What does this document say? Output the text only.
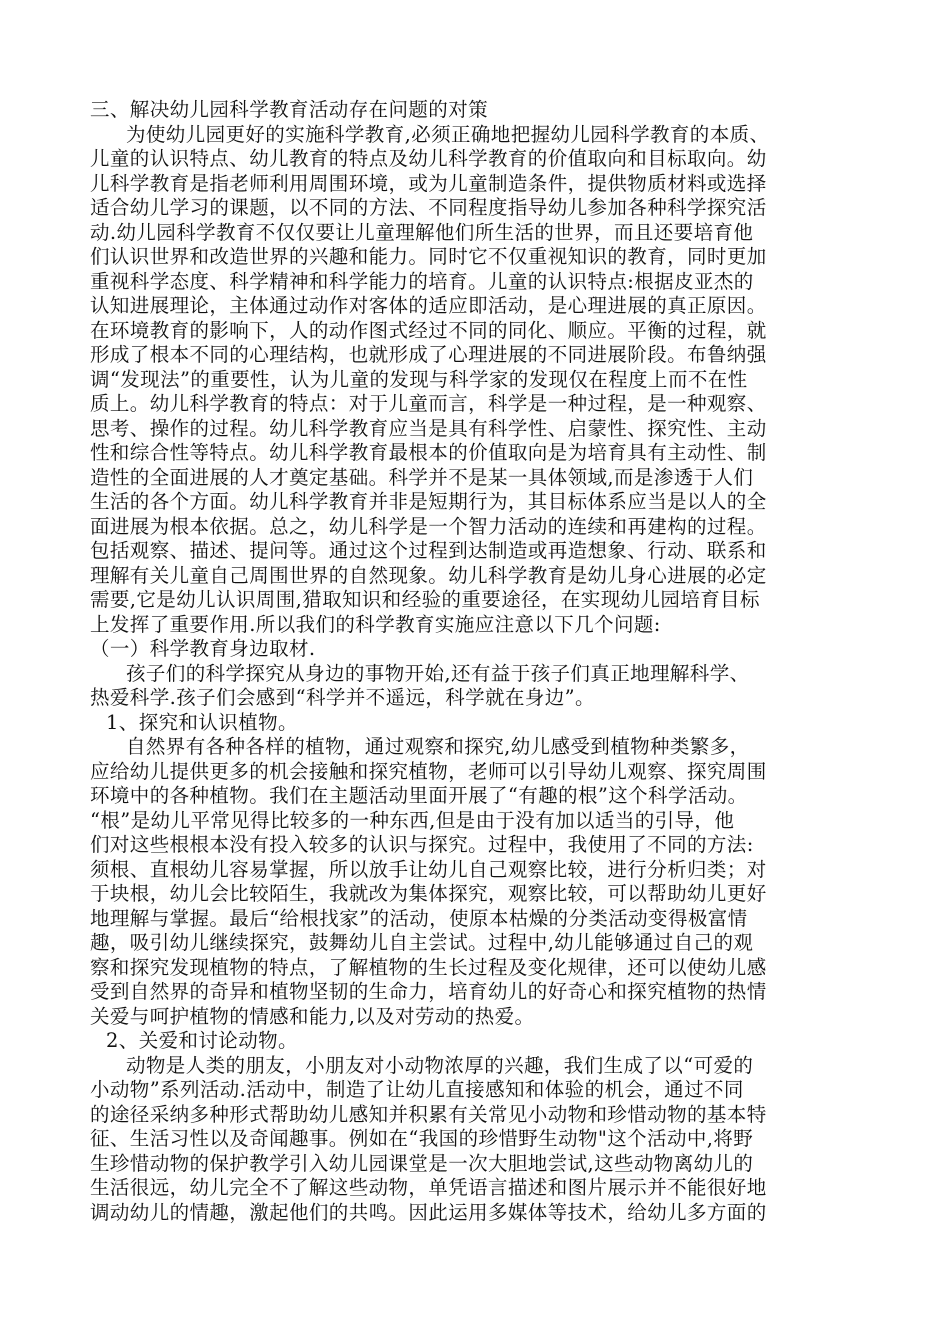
三、解决幼儿园科学教育活动存在问题的对策
为使幼儿园更好的实施科学教育,必须正确地把握幼儿园科学教育的本质、
儿童的认识特点、幼儿教育的特点及幼儿科学教育的价值取向和目标取向。幼
儿科学教育是指老师利用周围环境，或为儿童制造条件，提供物质材料或选择
适合幼儿学习的课题，以不同的方法、不同程度指导幼儿参加各种科学探究活
动.幼儿园科学教育不仅仅要让儿童理解他们所生活的世界，而且还要培育他
们认识世界和改造世界的兴趣和能力。同时它不仅重视知识的教育，同时更加
重视科学态度、科学精神和科学能力的培育。儿童的认识特点:根据皮亚杰的
认知进展理论，主体通过动作对客体的适应即活动，是心理进展的真正原因。
在环境教育的影响下，人的动作图式经过不同的同化、顺应。平衡的过程，就
形成了根本不同的心理结构，也就形成了心理进展的不同进展阶段。布鲁纳强
调“发现法”的重要性，认为儿童的发现与科学家的发现仅在程度上而不在性
质上。幼儿科学教育的特点：对于儿童而言，科学是一种过程，是一种观察、
思考、操作的过程。幼儿科学教育应当是具有科学性、启蒙性、探究性、主动
性和综合性等特点。幼儿科学教育最根本的价值取向是为培育具有主动性、制
造性的全面进展的人才奠定基础。科学并不是某一具体领域,而是渗透于人们
生活的各个方面。幼儿科学教育并非是短期行为，其目标体系应当是以人的全
面进展为根本依据。总之，幼儿科学是一个智力活动的连续和再建构的过程。
包括观察、描述、提问等。通过这个过程到达制造或再造想象、行动、联系和
理解有关儿童自己周围世界的自然现象。幼儿科学教育是幼儿身心进展的必定
需要,它是幼儿认识周围,猎取知识和经验的重要途径，在实现幼儿园培育目标
上发挥了重要作用.所以我们的科学教育实施应注意以下几个问题:
（一）科学教育身边取材.
孩子们的科学探究从身边的事物开始,还有益于孩子们真正地理解科学、
热爱科学.孩子们会感到“科学并不遥远，科学就在身边”。
1、探究和认识植物。
自然界有各种各样的植物，通过观察和探究,幼儿感受到植物种类繁多，
应给幼儿提供更多的机会接触和探究植物，老师可以引导幼儿观察、探究周围
环境中的各种植物。我们在主题活动里面开展了“有趣的根”这个科学活动。
“根”是幼儿平常见得比较多的一种东西,但是由于没有加以适当的引导，他
们对这些根根本没有投入较多的认识与探究。过程中，我使用了不同的方法:
须根、直根幼儿容易掌握，所以放手让幼儿自己观察比较，进行分析归类；对
于块根，幼儿会比较陌生，我就改为集体探究，观察比较，可以帮助幼儿更好
地理解与掌握。最后“给根找家”的活动，使原本枯燥的分类活动变得极富情
趣，吸引幼儿继续探究，鼓舞幼儿自主尝试。过程中,幼儿能够通过自己的观
察和探究发现植物的特点，了解植物的生长过程及变化规律，还可以使幼儿感
受到自然界的奇异和植物坚韧的生命力，培育幼儿的好奇心和探究植物的热情
关爱与呵护植物的情感和能力,以及对劳动的热爱。
2、关爱和讨论动物。
动物是人类的朋友，小朋友对小动物浓厚的兴趣，我们生成了以“可爱的
小动物”系列活动.活动中，制造了让幼儿直接感知和体验的机会，通过不同
的途径采纳多种形式帮助幼儿感知并积累有关常见小动物和珍惜动物的基本特
征、生活习性以及奇闻趣事。例如在“我国的珍惜野生动物"这个活动中,将野
生珍惜动物的保护教学引入幼儿园课堂是一次大胆地尝试,这些动物离幼儿的
生活很远，幼儿完全不了解这些动物，单凭语言描述和图片展示并不能很好地
调动幼儿的情趣，激起他们的共鸣。因此运用多媒体等技术，给幼儿多方面的
